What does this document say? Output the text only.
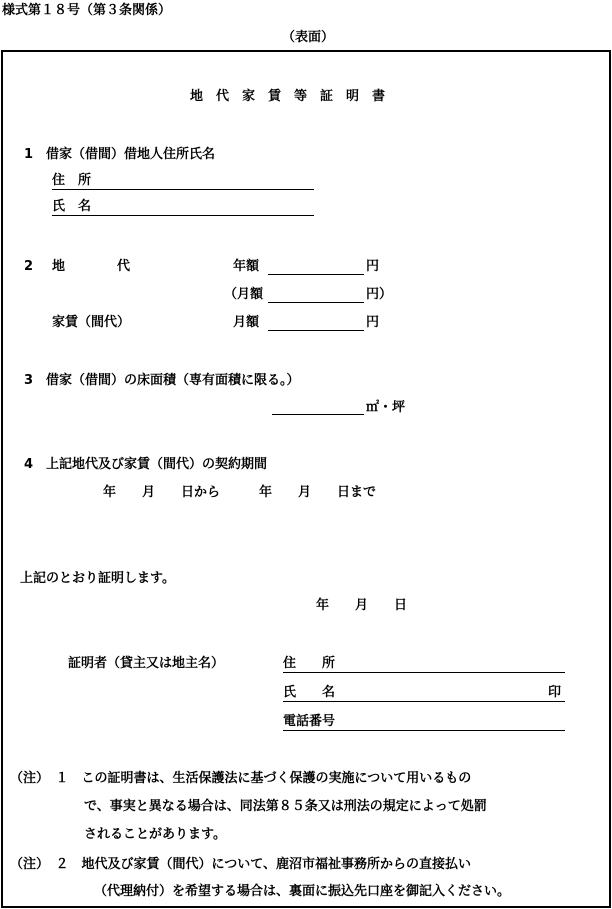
様式第１８号（第３条関係）
（表面）
地代家賃等証明書
1　借家（借間）借地人住所氏名
住　所
氏　名
2 地　　　　代	年額	円
（月額	円）
家賃（間代）	月額	円
3　借家（借間）の床面積（専有面積に限る。）
㎡・坪
4　上記地代及び家賃（間代）の契約期間
年　　月　　日から　　　年　　月　　日まで
上記のとおり証明します。
年　　月　　日
証明者（貸主又は地主名）	住　　所
氏　　名	印
電話番号
（注）　１　この証明書は、生活保護法に基づく保護の実施について用いるもの
で、事実と異なる場合は、同法第８５条又は刑法の規定によって処罰
されることがあります。
（注）　２　地代及び家賃（間代）について、鹿沼市福祉事務所からの直接払い
（代理納付）を希望する場合は、裏面に振込先口座を御記入ください。
